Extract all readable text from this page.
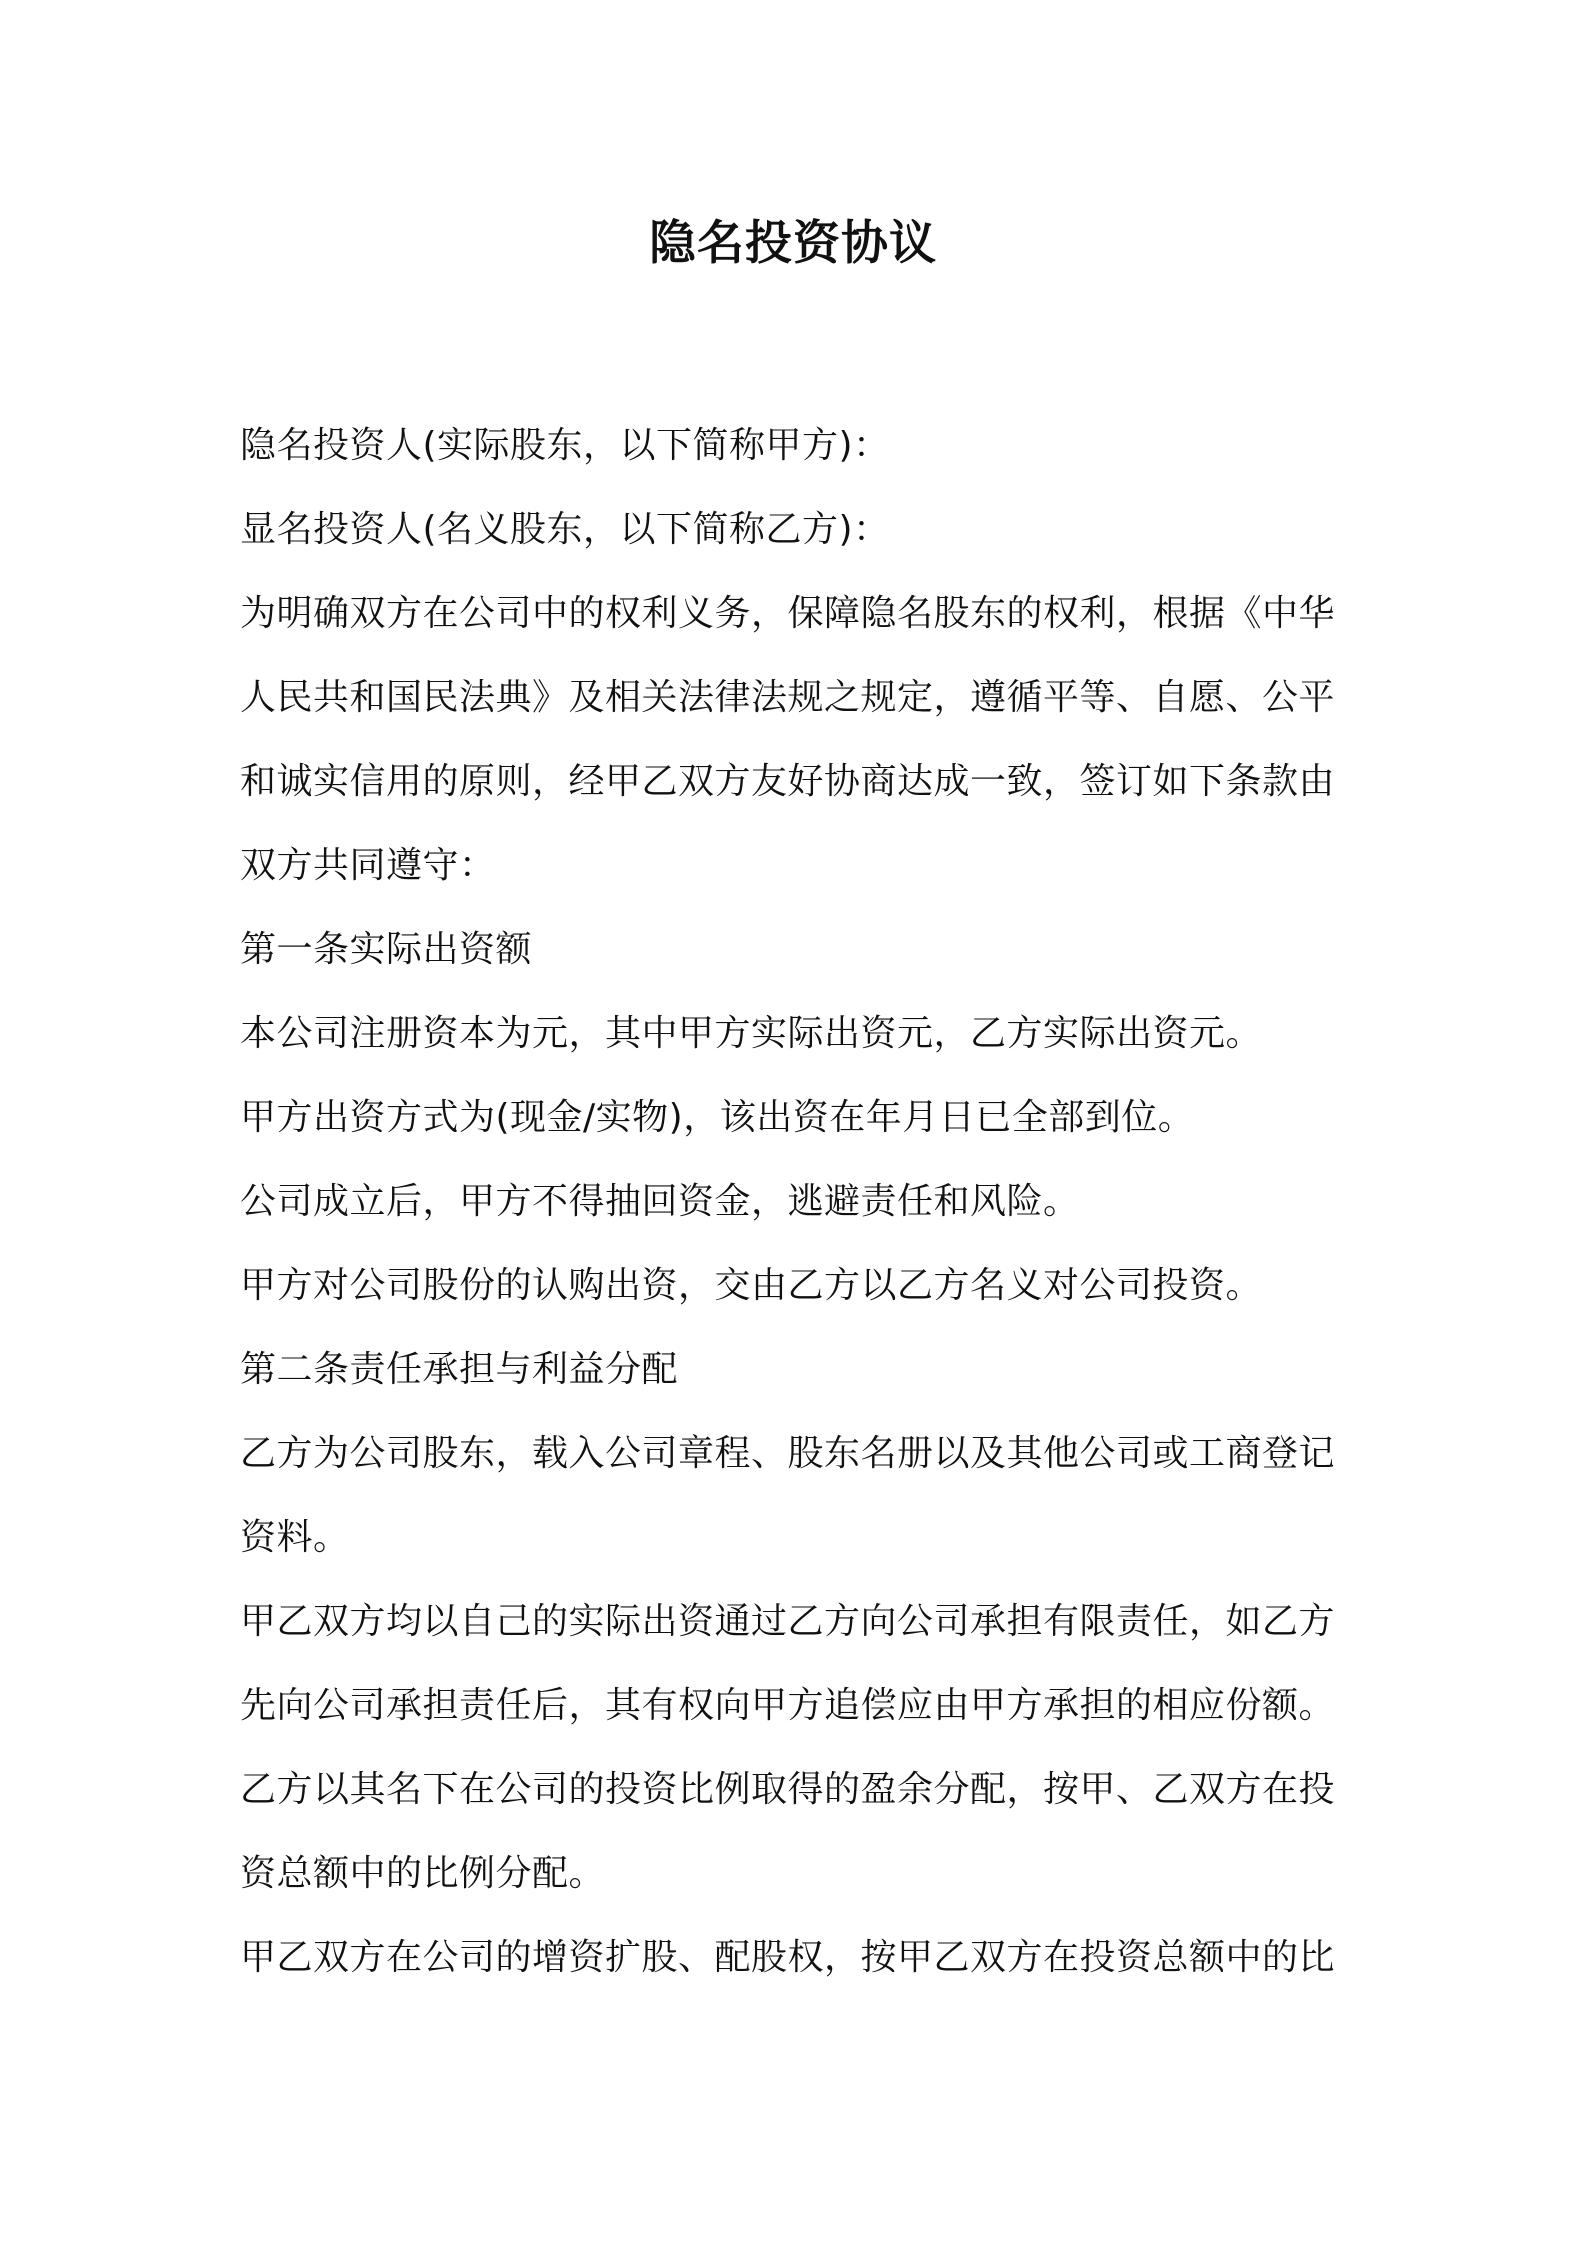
隐名投资协议
隐名投资人(实际股东，以下简称甲方)：
显名投资人(名义股东，以下简称乙方)：
为明确双方在公司中的权利义务，保障隐名股东的权利，根据《中华
人民共和国民法典》及相关法律法规之规定，遵循平等、自愿、公平
和诚实信用的原则，经甲乙双方友好协商达成一致，签订如下条款由
双方共同遵守：
第一条实际出资额
本公司注册资本为元，其中甲方实际出资元，乙方实际出资元。
甲方出资方式为(现金/实物)，该出资在年月日已全部到位。
公司成立后，甲方不得抽回资金，逃避责任和风险。
甲方对公司股份的认购出资，交由乙方以乙方名义对公司投资。
第二条责任承担与利益分配
乙方为公司股东，载入公司章程、股东名册以及其他公司或工商登记
资料。
甲乙双方均以自己的实际出资通过乙方向公司承担有限责任，如乙方
先向公司承担责任后，其有权向甲方追偿应由甲方承担的相应份额。
乙方以其名下在公司的投资比例取得的盈余分配，按甲、乙双方在投
资总额中的比例分配。
甲乙双方在公司的增资扩股、配股权，按甲乙双方在投资总额中的比
